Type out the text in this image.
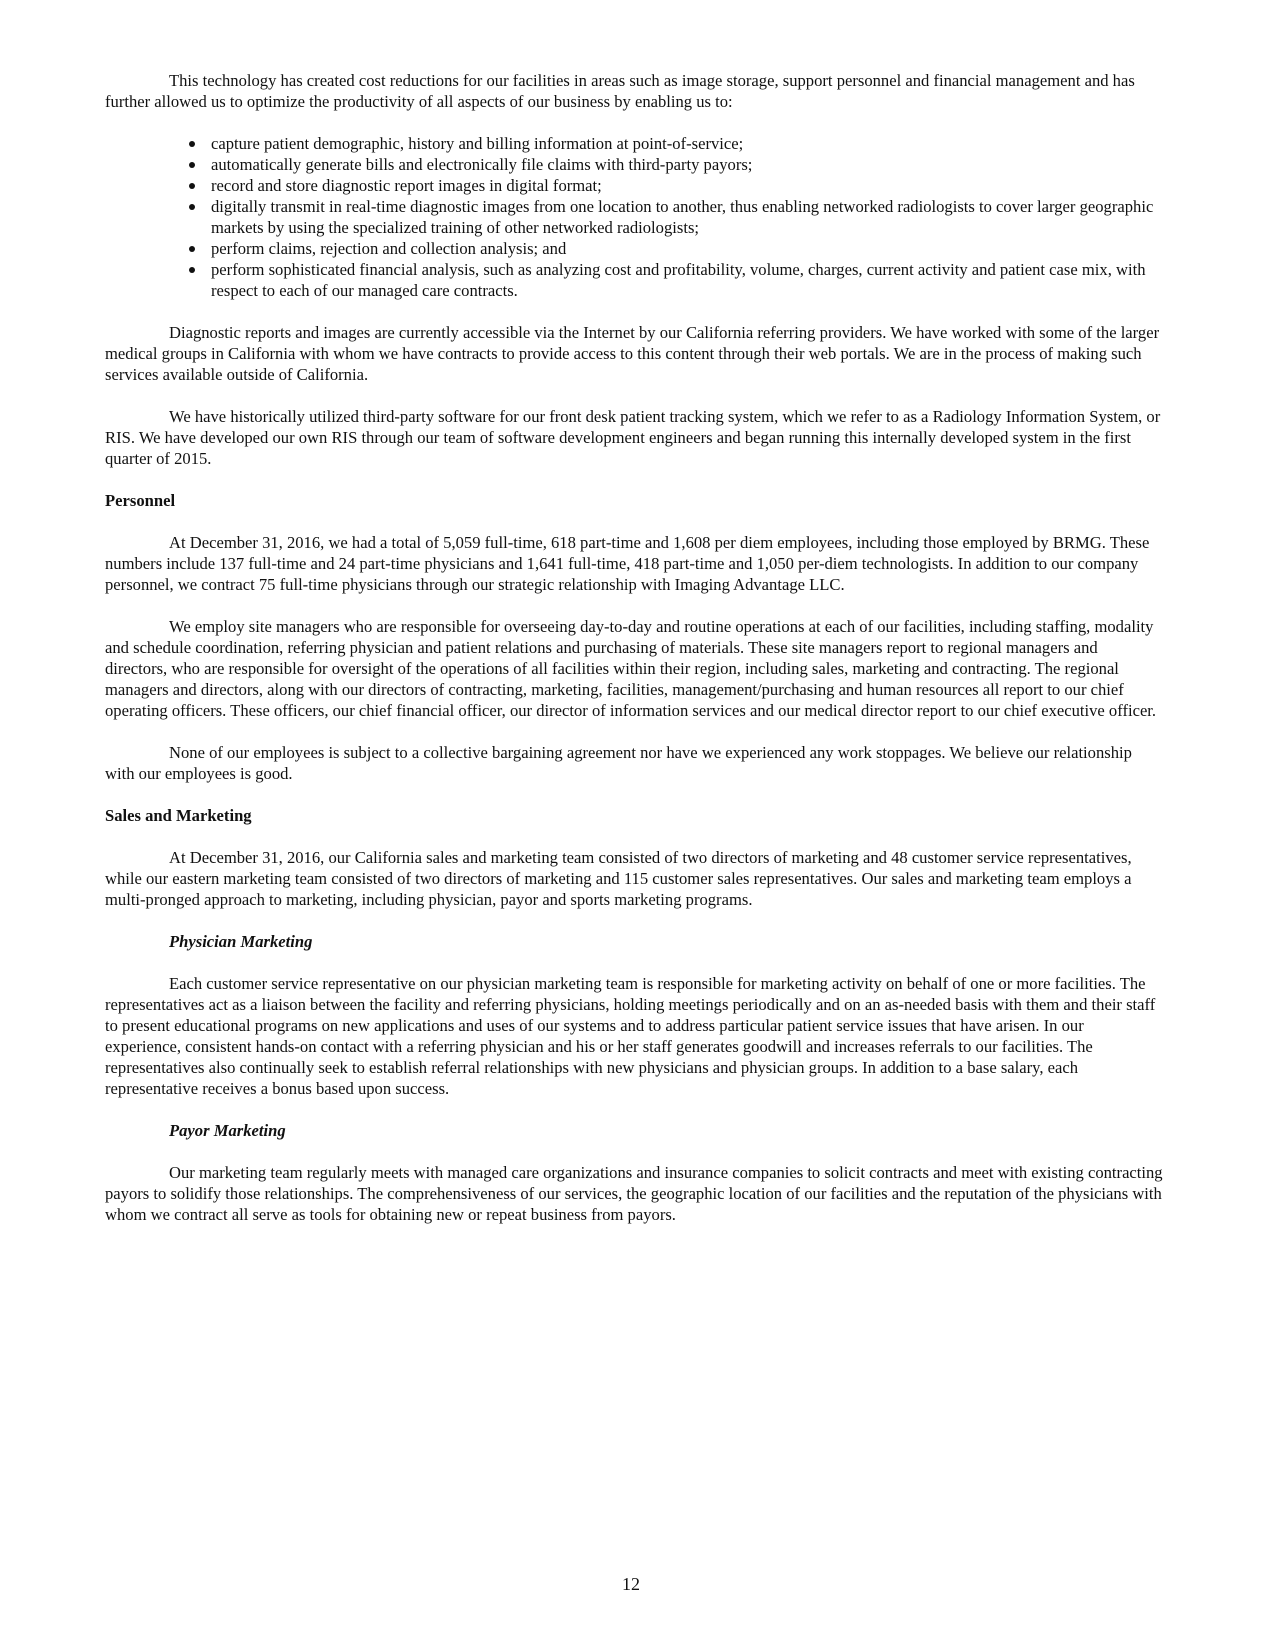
This technology has created cost reductions for our facilities in areas such as image storage, support personnel and financial management and has further allowed us to optimize the productivity of all aspects of our business by enabling us to:

capture patient demographic, history and billing information at point-of-service;
automatically generate bills and electronically file claims with third-party payors;
record and store diagnostic report images in digital format;
digitally transmit in real-time diagnostic images from one location to another, thus enabling networked radiologists to cover larger geographic markets by using the specialized training of other networked radiologists;
perform claims, rejection and collection analysis; and
perform sophisticated financial analysis, such as analyzing cost and profitability, volume, charges, current activity and patient case mix, with respect to each of our managed care contracts.

Diagnostic reports and images are currently accessible via the Internet by our California referring providers. We have worked with some of the larger medical groups in California with whom we have contracts to provide access to this content through their web portals. We are in the process of making such services available outside of California.

We have historically utilized third-party software for our front desk patient tracking system, which we refer to as a Radiology Information System, or RIS. We have developed our own RIS through our team of software development engineers and began running this internally developed system in the first quarter of 2015.

Personnel

At December 31, 2016, we had a total of 5,059 full-time, 618 part-time and 1,608 per diem employees, including those employed by BRMG. These numbers include 137 full-time and 24 part-time physicians and 1,641 full-time, 418 part-time and 1,050 per-diem technologists. In addition to our company personnel, we contract 75 full-time physicians through our strategic relationship with Imaging Advantage LLC.

We employ site managers who are responsible for overseeing day-to-day and routine operations at each of our facilities, including staffing, modality and schedule coordination, referring physician and patient relations and purchasing of materials. These site managers report to regional managers and directors, who are responsible for oversight of the operations of all facilities within their region, including sales, marketing and contracting. The regional managers and directors, along with our directors of contracting, marketing, facilities, management/purchasing and human resources all report to our chief operating officers. These officers, our chief financial officer, our director of information services and our medical director report to our chief executive officer.

None of our employees is subject to a collective bargaining agreement nor have we experienced any work stoppages. We believe our relationship with our employees is good.

Sales and Marketing

At December 31, 2016, our California sales and marketing team consisted of two directors of marketing and 48 customer service representatives, while our eastern marketing team consisted of two directors of marketing and 115 customer sales representatives. Our sales and marketing team employs a multi-pronged approach to marketing, including physician, payor and sports marketing programs.

Physician Marketing

Each customer service representative on our physician marketing team is responsible for marketing activity on behalf of one or more facilities. The representatives act as a liaison between the facility and referring physicians, holding meetings periodically and on an as-needed basis with them and their staff to present educational programs on new applications and uses of our systems and to address particular patient service issues that have arisen. In our experience, consistent hands-on contact with a referring physician and his or her staff generates goodwill and increases referrals to our facilities. The representatives also continually seek to establish referral relationships with new physicians and physician groups. In addition to a base salary, each representative receives a bonus based upon success.

Payor Marketing

Our marketing team regularly meets with managed care organizations and insurance companies to solicit contracts and meet with existing contracting payors to solidify those relationships. The comprehensiveness of our services, the geographic location of our facilities and the reputation of the physicians with whom we contract all serve as tools for obtaining new or repeat business from payors.

12
